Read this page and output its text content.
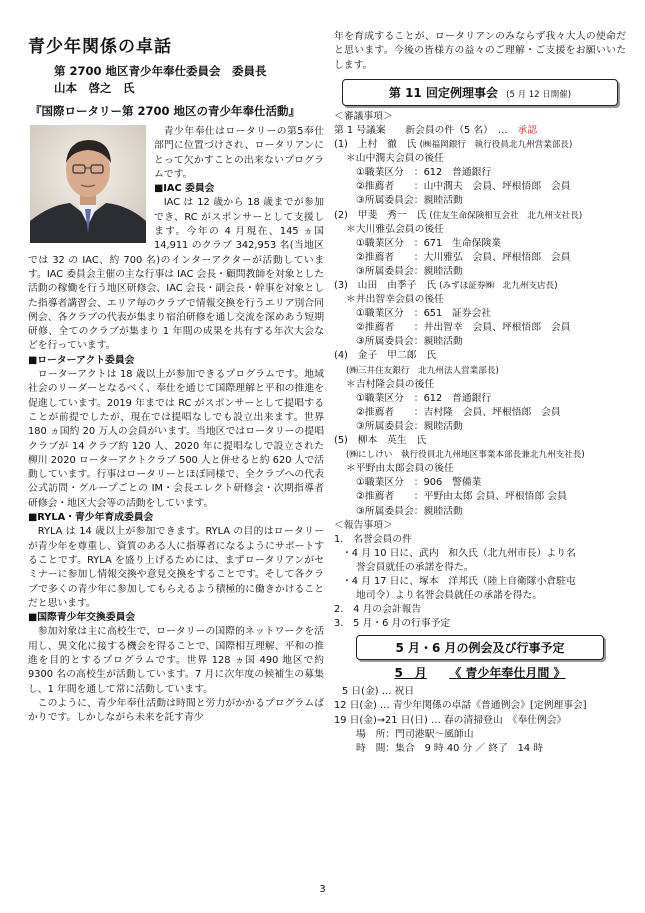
青少年関係の卓話
第 2700 地区青少年奉仕委員会　委員長
山本　啓之　氏
『国際ロータリー第 2700 地区の青少年奉仕活動』

青少年奉仕はロータリーの第5奉仕部門に位置づけされ、ロータリアンにとって欠かすことの出来ないプログラムです。

■IAC 委員会

IAC は 12 歳から 18 歳までが参加でき、RC がスポンサーとして支援します。今年の 4 月現在、145 ヵ国 14,911 のクラブ 342,953 名(当地区では 32 の IAC、約 700 名)のインターアクターが活動しています。IAC 委員会主催の主な行事は IAC 会長・顧問教師を対象とした活動の稼働を行う地区研修会、IAC 会長・副会長・幹事を対象とした指導者講習会、エリア毎のクラブで情報交換を行うエリア別合同例会、各クラブの代表が集まり宿泊研修を通し交流を深めあう短期研修、全てのクラブが集まり 1 年間の成果を共有する年次大会などを行っています。

■ローターアクト委員会

ローターアクトは 18 歳以上が参加できるプログラムです。地域社会のリーダーとなるべく、奉仕を通じて国際理解と平和の推進を促進しています。2019 年までは RC がスポンサーとして提唱することが前提でしたが、現在では提唱なしでも設立出来ます。世界 180 ヵ国約 20 万人の会員がいます。当地区ではロータリーの提唱クラブが 14 クラブ約 120 人、2020 年に提唱なしで設立された柳川 2020 ローターアクトクラブ 500 人と併せると約 620 人で活動しています。行事はロータリーとほぼ同様で、全クラブへの代表公式訪問・グループごとの IM・会長エレクト研修会・次期指導者研修会・地区大会等の活動をしています。

■RYLA・青少年育成委員会

RYLA は 14 歳以上が参加できます。RYLA の目的はロータリーが青少年を尊重し、資質のある人に指導者になるようにサポートすることです。RYLA を盛り上げるためには、まずロータリアンがセミナーに参加し情報交換や意見交換をすることです。そして各クラブで多くの青少年に参加してもらえるよう積極的に働きかけることだと思います。

■国際青少年交換委員会

参加対象は主に高校生で、ロータリーの国際的ネットワークを活用し、異文化に接する機会を得ることで、国際相互理解、平和の推進を目的とするプログラムです。世界 128 ヵ国 490 地区で約 9300 名の高校生が活動しています。7 月に次年度の候補生の募集し、1 年間を通して常に活動しています。

このように、青少年奉仕活動は時間と労力がかかるプログラムばかりです。しかしながら未来を託す青少

年を育成することが、ロータリアンのみならず我々大人の使命だと思います。今後の皆様方の益々のご理解・ご支援をお願いいたします。

第 11 回定例理事会 (5 月 12 日開催)

＜審議事項＞

第 1 号議案　　新会員の件（5 名）　…　承認

(1)　上村　徹　氏 (㈱福岡銀行　執行役員北九州営業部長)

＊山中潤夫会員の後任

①職業区分　：612　普通銀行

②推薦者　　：山中潤夫　会員、坪根悟郎　会員

③所属委員会：親睦活動

(2)　甲斐　秀一　氏 (住友生命保険相互会社　北九州支社長)

＊大川雅弘会員の後任

①職業区分　：671　生命保険業

②推薦者　　：大川雅弘　会員、坪根悟郎　会員

③所属委員会：親睦活動

(3)　山田　由季子　氏 (みずほ証券㈱　北九州支店長)

＊井出智幸会員の後任

①職業区分　：651　証券会社

②推薦者　　：井出智幸　会員、坪根悟郎　会員

③所属委員会：親睦活動

(4)　金子　甲二郎　氏

(㈱三井住友銀行　北九州法人営業部長)

＊吉村隆会員の後任

①職業区分　：612　普通銀行

②推薦者　　：吉村隆　会員、坪根悟郎　会員

③所属委員会：親睦活動

(5)　柳本　英生　氏

(㈱にしけい　執行役員北九州地区事業本部長兼北九州支社長)

＊平野由太郎会員の後任

①職業区分　：906　警備業

②推薦者　　：平野由太郎 会員、坪根悟郎 会員

③所属委員会：親睦活動

＜報告事項＞

1.　名誉会員の件

・4 月 10 日に、武内　和久氏（北九州市長）より名

誉会員就任の承諾を得た。

・4 月 17 日に、塚本　洋邦氏（陸上自衛隊小倉駐屯

地司令）より名誉会員就任の承諾を得た。

2.　4 月の会計報告

3.　5 月・6 月の行事予定

5 月・6 月の例会及び行事予定
5　月 《 青少年奉仕月間 》

5 日(金) … 祝日

12 日(金) … 青少年関係の卓話《普通例会》[定例理事会]

19 日(金)→21 日(日) … 春の清掃登山　《奉仕例会》

場　所：門司港駅～風師山

時　間：集合　9 時 40 分 ／ 終了　14 時

3
